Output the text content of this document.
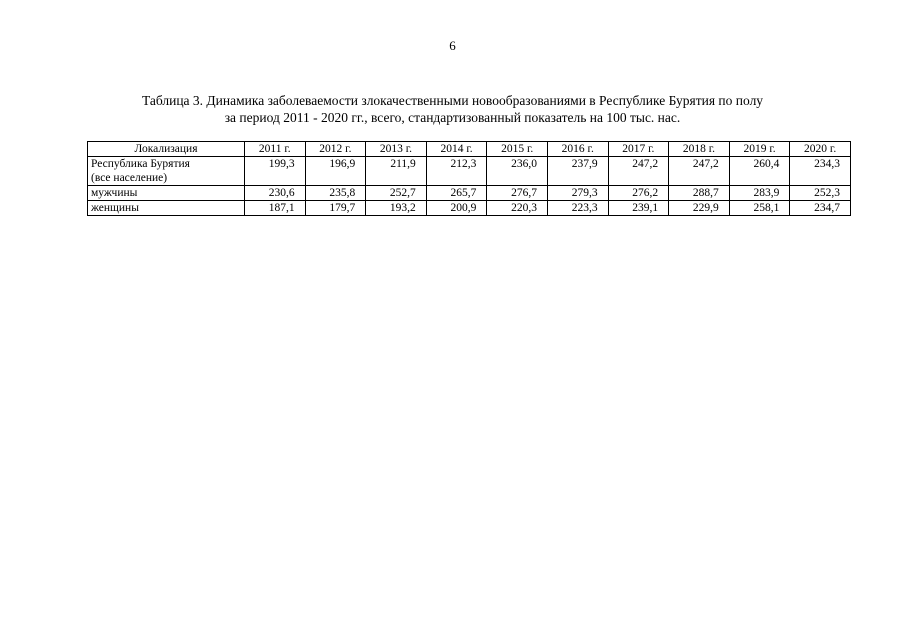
6
Таблица 3. Динамика заболеваемости злокачественными новообразованиями в Республике Бурятия по полу
за период 2011 - 2020 гг., всего, стандартизованный показатель на 100 тыс. нас.
Локализация	2011 г.	2012 г.	2013 г.	2014 г.	2015 г.	2016 г.	2017 г.	2018 г.	2019 г.	2020 г.

Республика Бурятия
(все население)	199,3	196,9	211,9	212,3	236,0	237,9	247,2	247,2	260,4	234,3
мужчины	230,6	235,8	252,7	265,7	276,7	279,3	276,2	288,7	283,9	252,3
женщины	187,1	179,7	193,2	200,9	220,3	223,3	239,1	229,9	258,1	234,7
